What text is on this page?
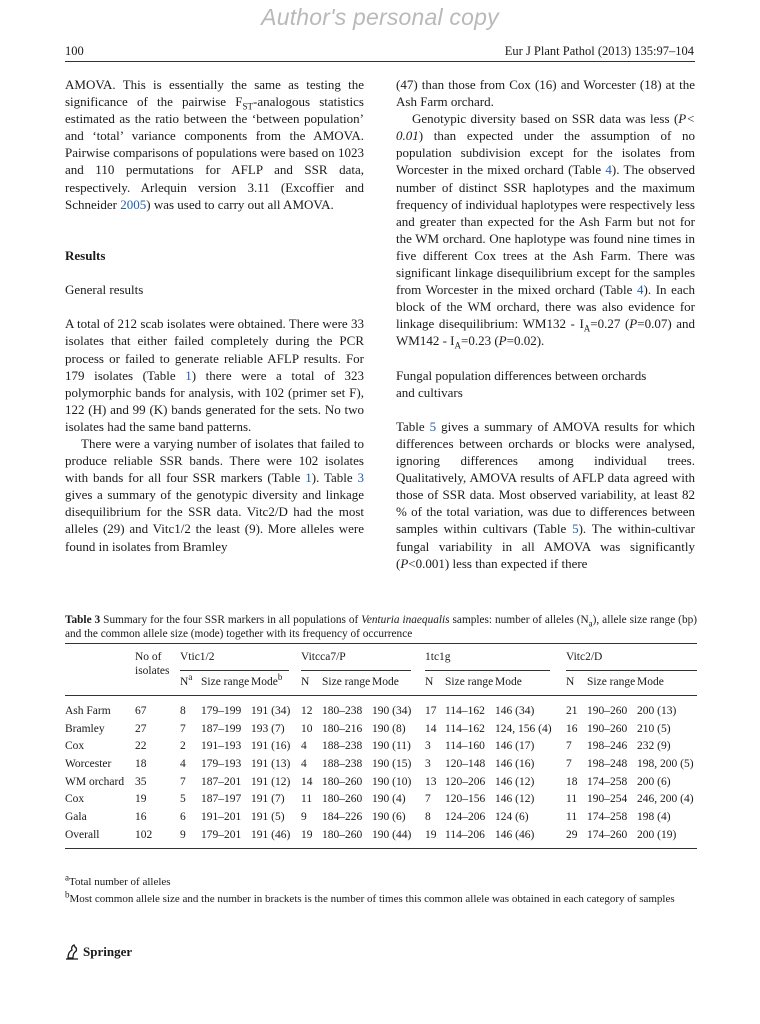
Author's personal copy
100	Eur J Plant Pathol (2013) 135:97–104

AMOVA. This is essentially the same as testing the significance of the pairwise $F_{ST}$-analogous statistics estimated as the ratio between the ‘between population’ and ‘total’ variance components from the AMOVA. Pairwise comparisons of populations were based on 1023 and 110 permutations for AFLP and SSR data, respectively. Arlequin version 3.11 (Excoffier and Schneider 2005) was used to carry out all AMOVA.

Results

General results

A total of 212 scab isolates were obtained. There were 33 isolates that either failed completely during the PCR process or failed to generate reliable AFLP results. For 179 isolates (Table 1) there were a total of 323 polymorphic bands for analysis, with 102 (primer set F), 122 (H) and 99 (K) bands generated for the sets. No two isolates had the same band patterns.

There were a varying number of isolates that failed to produce reliable SSR bands. There were 102 isolates with bands for all four SSR markers (Table 1). Table 3 gives a summary of the genotypic diversity and linkage disequilibrium for the SSR data. Vitc2/D had the most alleles (29) and Vitc1/2 the least (9). More alleles were found in isolates from Bramley

(47) than those from Cox (16) and Worcester (18) at the Ash Farm orchard.

Genotypic diversity based on SSR data was less (P< 0.01) than expected under the assumption of no population subdivision except for the isolates from Worcester in the mixed orchard (Table 4). The observed number of distinct SSR haplotypes and the maximum frequency of individual haplotypes were respectively less and greater than expected for the Ash Farm but not for the WM orchard. One haplotype was found nine times in five different Cox trees at the Ash Farm. There was significant linkage disequilibrium except for the samples from Worcester in the mixed orchard (Table 4). In each block of the WM orchard, there was also evidence for linkage disequilibrium: $WM132 - I_A=0.27$ (P=0.07) and $WM142 - I_A=0.23$ (P=0.02).

Fungal population differences between orchards
and cultivars

Table 5 gives a summary of AMOVA results for which differences between orchards or blocks were analysed, ignoring differences among individual trees. Qualitatively, AMOVA results of AFLP data agreed with those of SSR data. Most observed variability, at least 82 % of the total variation, was due to differences between samples within cultivars (Table 5). The within-cultivar fungal variability in all AMOVA was significantly (P<0.001) less than expected if there

Table 3 Summary for the four SSR markers in all populations of Venturia inaequalis samples: number of alleles $(N_a)$, allele size range (bp) and the common allele size (mode) together with its frequency of occurrence
	No of isolates	Vtic1/2			Vitcca7/P			1tc1g			Vitc2/D		

		$N^a$	Size range	Mode$^b$	N	Size range	Mode	N	Size range	Mode	N	Size range	Mode

Ash Farm	67	8	179–199	191 (34)	12	180–238	190 (34)	17	114–162	146 (34)	21	190–260	200 (13)
Bramley	27	7	187–199	193 (7)	10	180–216	190 (8)	14	114–162	124, 156 (4)	16	190–260	210 (5)
Cox	22	2	191–193	191 (16)	4	188–238	190 (11)	3	114–160	146 (17)	7	198–246	232 (9)
Worcester	18	4	179–193	191 (13)	4	188–238	190 (15)	3	120–148	146 (16)	7	198–248	198, 200 (5)
WM orchard	35	7	187–201	191 (12)	14	180–260	190 (10)	13	120–206	146 (12)	18	174–258	200 (6)
Cox	19	5	187–197	191 (7)	11	180–260	190 (4)	7	120–156	146 (12)	11	190–254	246, 200 (4)
Gala	16	6	191–201	191 (5)	9	184–226	190 (6)	8	124–206	124 (6)	11	174–258	198 (4)
Overall	102	9	179–201	191 (46)	19	180–260	190 (44)	19	114–206	146 (46)	29	174–260	200 (19)

$^a$Total number of alleles
$^b$Most common allele size and the number in brackets is the number of times this common allele was obtained in each category of samples
Springer
